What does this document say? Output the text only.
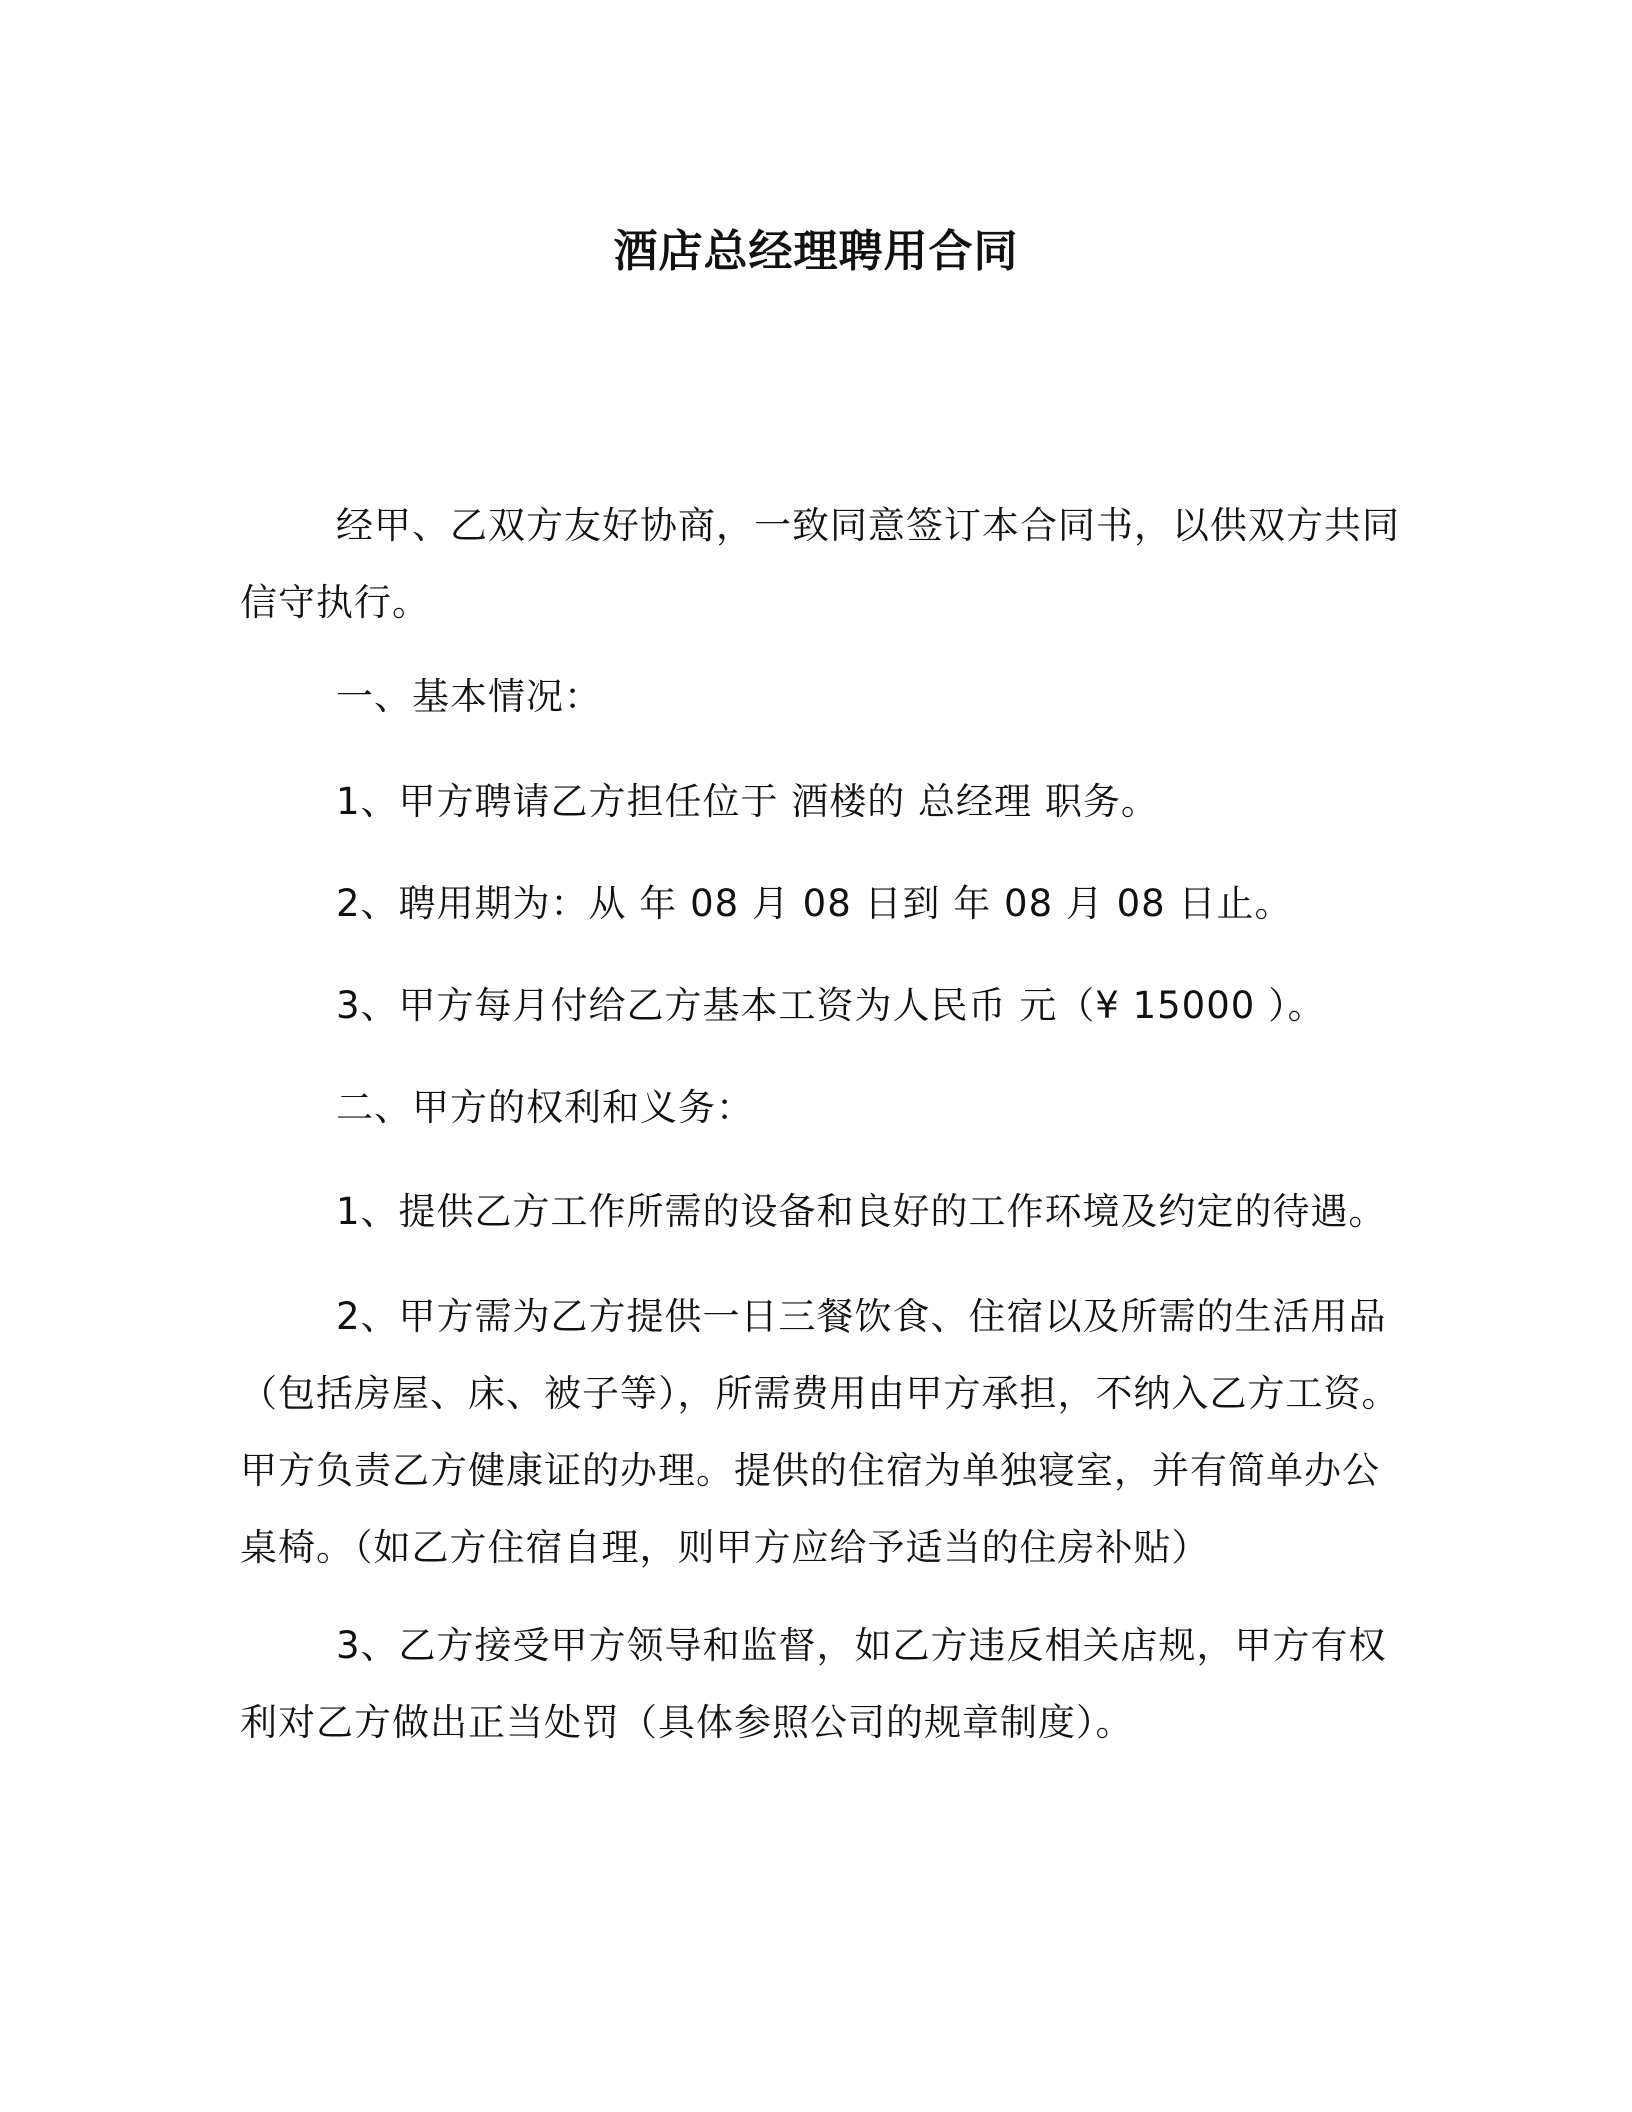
酒店总经理聘用合同

经甲、乙双方友好协商，一致同意签订本合同书，以供双方共同信守执行。

一、基本情况：
1、甲方聘请乙方担任位于 酒楼的 总经理 职务。
2、聘用期为：从 年 08 月 08 日到 年 08 月 08 日止。
3、甲方每月付给乙方基本工资为人民币 元（¥ 15000 ）。
二、甲方的权利和义务：
1、提供乙方工作所需的设备和良好的工作环境及约定的待遇。

2、甲方需为乙方提供一日三餐饮食、住宿以及所需的生活用品（包括房屋、床、被子等），所需费用由甲方承担，不纳入乙方工资。甲方负责乙方健康证的办理。提供的住宿为单独寝室，并有简单办公桌椅。（如乙方住宿自理，则甲方应给予适当的住房补贴）

3、乙方接受甲方领导和监督，如乙方违反相关店规，甲方有权利对乙方做出正当处罚（具体参照公司的规章制度）。
